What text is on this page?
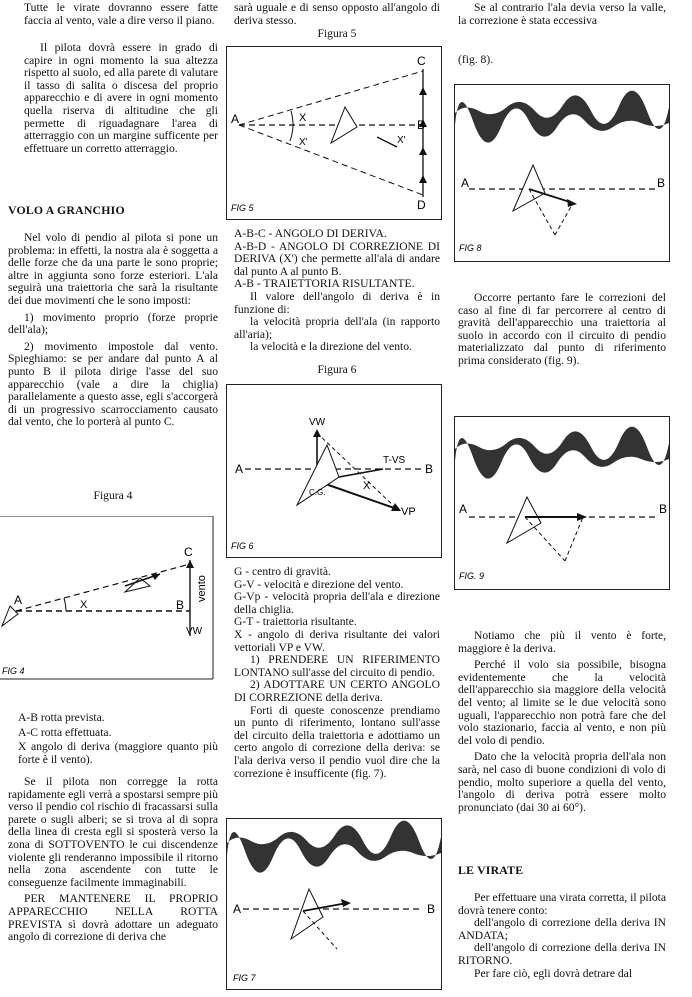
Tutte le virate dovranno essere fatte faccia al vento, vale a dire verso il piano.

Il pilota dovrà essere in grado di capire in ogni momento la sua altezza rispetto al suolo, ed alla parete di valutare il tasso di salita o discesa del proprio apparecchio e di avere in ogni momento quella riserva di altitudine che gli permette di riguadagnare l'area di atterraggio con un margine sufficente per effettuare un corretto atterraggio.

VOLO A GRANCHIO

Nel volo di pendio al pilota si pone un problema: in effetti, la nostra ala è soggetta a delle forze che da una parte le sono proprie; altre in aggiunta sono forze esteriori. L'ala seguirà una traiettoria che sarà la risultante dei due movimenti che le sono imposti:

1) movimento proprio (forze proprie dell'ala);

2) movimento impostole dal vento. Spieghiamo: se per andare dal punto A al punto B il pilota dirige l'asse del suo apparecchio (vale a dire la chiglia) parallelamente a questo asse, egli s'accorgerà di un progressivo scarrocciamento causato dal vento, che lo porterà al punto C.

Figura 4
A
C
B
X
vento
VW
FIG 4

A-B rotta prevista.

A-C rotta effettuata.

X angolo di deriva (maggiore quanto più forte è il vento).

Se il pilota non corregge la rotta rapidamente egli verrà a spostarsi sempre più verso il pendio col rischio di fracassarsi sulla parete o sugli alberi; se si trova al di sopra della linea di cresta egli si sposterà verso la zona di SOTTOVENTO le cui discendenze violente gli renderanno impossibile il ritorno nella zona ascendente con tutte le conseguenze facilmente immaginabili.

PER MANTENERE IL PROPRIO APPARECCHIO NELLA ROTTA PREVISTA sì dovrà adottare un adeguato angolo di correzione di deriva che

sarà uguale e di senso opposto all'angolo di deriva stesso.

Figura 5
A
C
B
D
X
X'	X'
FIG 5

A-B-C - ANGOLO DI DERIVA.

A-B-D - ANGOLO DI CORREZIONE DI DERIVA (X') che permette all'ala di andare dal punto A al punto B.

A-B - TRAIETTORIA RISULTANTE.

Il valore dell'angolo di deriva è in funzione di:

la velocità propria dell'ala (in rapporto all'aria);

la velocità e la direzione del vento.

Figura 6
VW
A	B
T-VS
VP
X
C.G.
FIG 6

G - centro di gravità.

G-V - velocità e direzione del vento.

G-Vp - velocità propria dell'ala e direzione della chiglia.

G-T - traiettoria risultante.

X - angolo di deriva risultante dei valori vettoriali VP e VW.

1) PRENDERE UN RIFERIMENTO LONTANO sull'asse del circuito di pendio.

2) ADOTTARE UN CERTO ANGOLO DI CORREZIONE della deriva.

Forti di queste conoscenze prendiamo un punto di riferimento, lontano sull'asse del circuito della traiettoria e adottiamo un certo angolo di correzione della deriva: se l'ala deriva verso il pendio vuol dire che la correzione è insufficente (fig. 7).

A	B
FIG 7

Se al contrario l'ala devia verso la valle, la correzione è stata eccessiva

(fig. 8).

A	B
FIG 8

Occorre pertanto fare le correzioni del caso al fine di far percorrere al centro di gravità dell'apparecchio una traiettoria al suolo in accordo con il circuito di pendio materializzato dal punto di riferimento prima considerato (fig. 9).

A	B
FIG. 9

Notiamo che più il vento è forte, maggiore è la deriva.

Perché il volo sia possibile, bisogna evidentemente che la velocità dell'apparecchio sia maggiore della velocità del vento; al limite se le due velocità sono uguali, l'apparecchio non potrà fare che del volo stazionario, faccia al vento, e non più del volo di pendio.

Dato che la velocità propria dell'ala non sarà, nel caso di buone condizioni di volo di pendio, molto superiore a quella del vento, l'angolo di deriva potrà essere molto pronunciato (dai 30 ai 60°).

LE VIRATE

Per effettuare una virata corretta, il pilota dovrà tenere conto:

dell'angolo di correzione della deriva IN ANDATA;

dell'angolo di correzione della deriva IN RITORNO.

Per fare ciò, egli dovrà detrare dal
